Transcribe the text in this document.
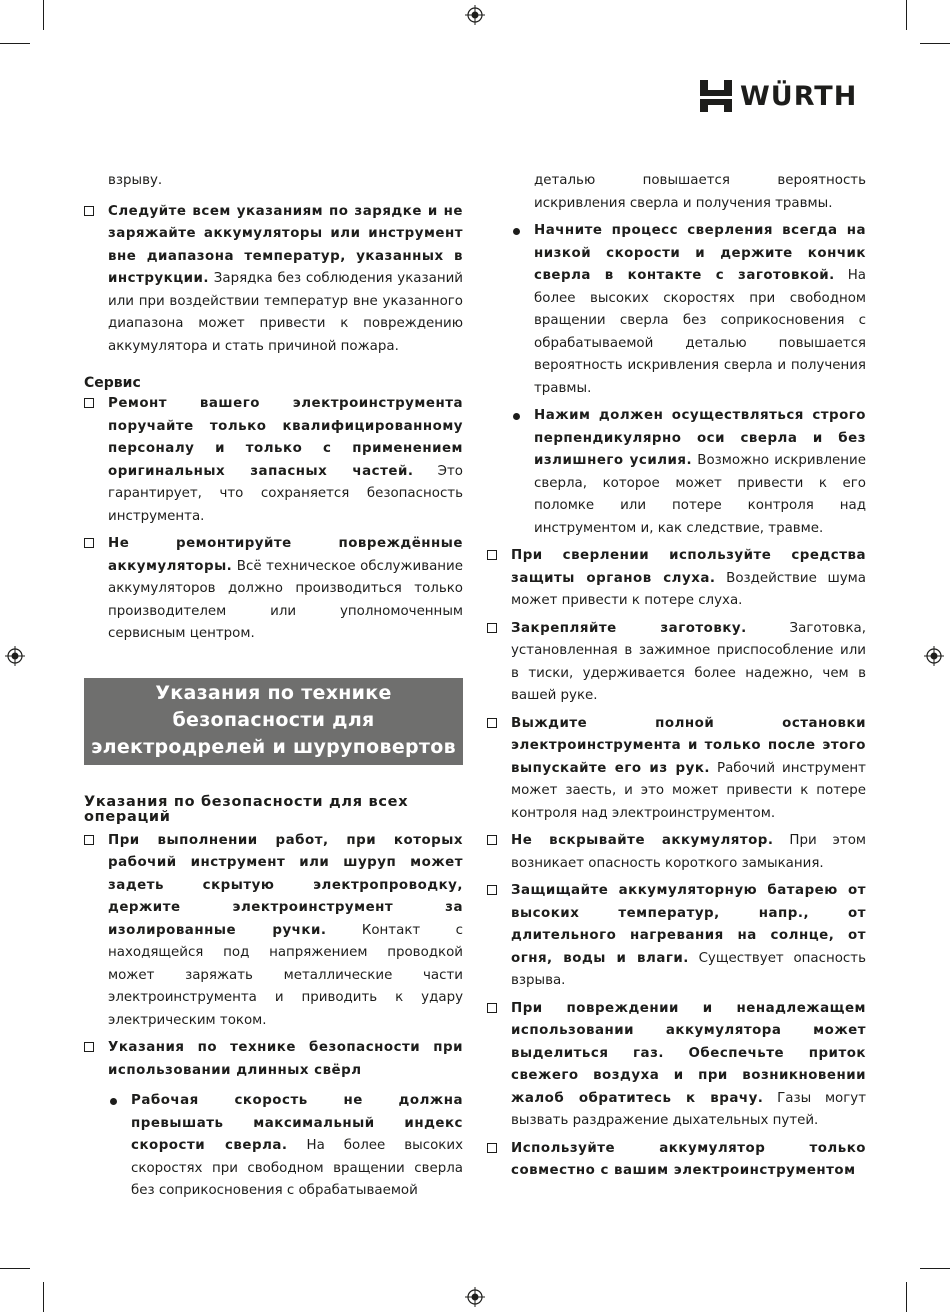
WÜRTH

взрыву.

Следуйте всем указаниям по зарядке и не заряжайте аккумуляторы или инструмент вне диапазона температур, указанных в инструкции. Зарядка без соблюдения указаний или при воздействии температур вне указанного диапазона может привести к повреждению аккумулятора и стать причиной пожара.
Сервис
Ремонт вашего электроинструмента поручайте только квалифицированному персоналу и только с применением оригинальных запасных частей. Это гарантирует, что сохраняется безопасность инструмента.
Не ремонтируйте повреждённые аккумуляторы. Всё техническое обслуживание аккумуляторов должно производиться только производителем или уполномоченным сервисным центром.
Указания по технике безопасности для электродрелей и шуруповертов
Указания по безопасности для всех операций
При выполнении работ, при которых рабочий инструмент или шуруп может задеть скрытую электропроводку, держите электроинструмент за изолированные ручки. Контакт с находящейся под напряжением проводкой может заряжать металлические части электроинструмента и приводить к удару электрическим током.
Указания по технике безопасности при использовании длинных свёрл
Рабочая скорость не должна превышать максимальный индекс скорости сверла. На более высоких скоростях при свободном вращении сверла без соприкосновения с обрабатываемой

деталью повышается вероятность искривления сверла и получения травмы.

Начните процесс сверления всегда на низкой скорости и держите кончик сверла в контакте с заготовкой. На более высоких скоростях при свободном вращении сверла без соприкосновения с обрабатываемой деталью повышается вероятность искривления сверла и получения травмы.
Нажим должен осуществляться строго перпендикулярно оси сверла и без излишнего усилия. Возможно искривление сверла, которое может привести к его поломке или потере контроля над инструментом и, как следствие, травме.
При сверлении используйте средства защиты органов слуха. Воздействие шума может привести к потере слуха.
Закрепляйте заготовку. Заготовка, установленная в зажимное приспособление или в тиски, удерживается более надежно, чем в вашей руке.
Выждите полной остановки электроинструмента и только после этого выпускайте его из рук. Рабочий инструмент может заесть, и это может привести к потере контроля над электроинструментом.
Не вскрывайте аккумулятор. При этом возникает опасность короткого замыкания.
Защищайте аккумуляторную батарею от высоких температур, напр., от длительного нагревания на солнце, от огня, воды и влаги. Существует опасность взрыва.
При повреждении и ненадлежащем использовании аккумулятора может выделиться газ. Обеспечьте приток свежего воздуха и при возникновении жалоб обратитесь к врачу. Газы могут вызвать раздражение дыхательных путей.
Используйте аккумулятор только совместно с вашим электроинструментом
